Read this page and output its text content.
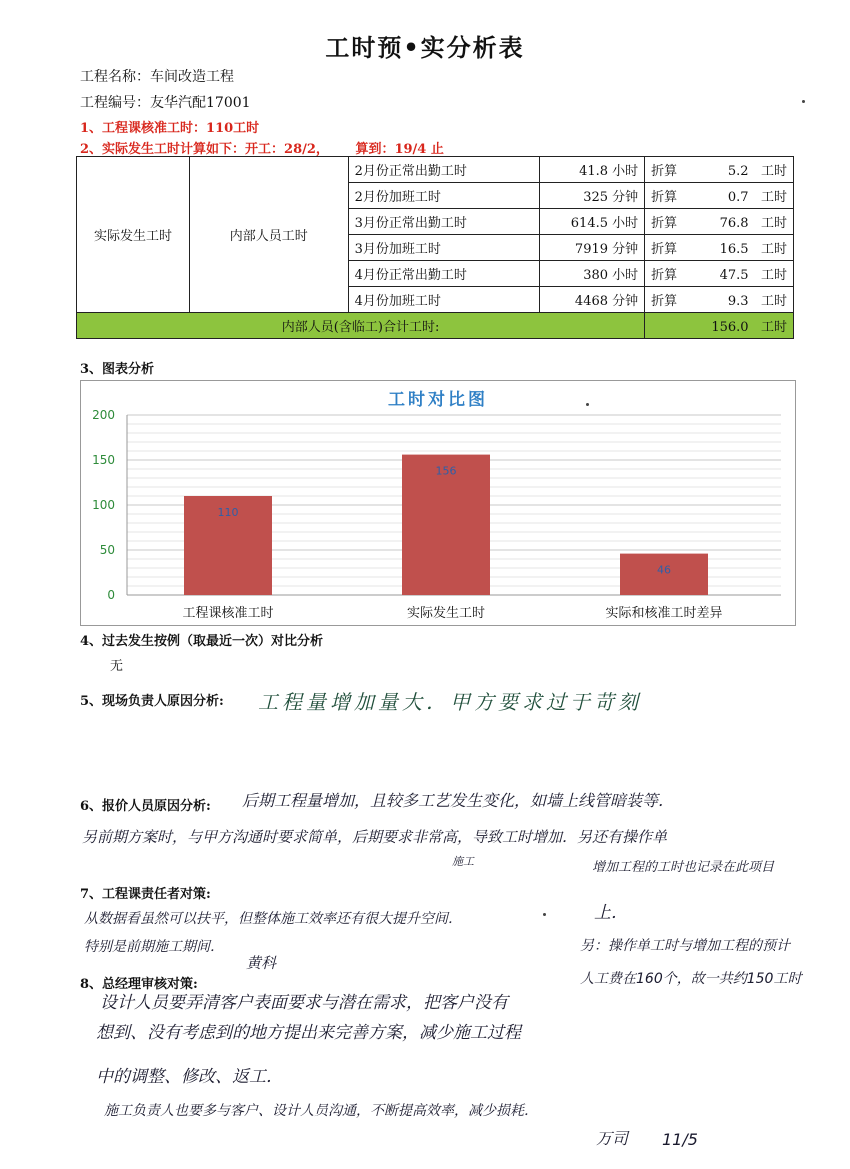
工时预•实分析表
工程名称：车间改造工程
工程编号：友华汽配17001
1、工程课核准工时：110工时
2、实际发生工时计算如下：开工：28/2， 算到：19/4 止
实际发生工时	内部人员工时	2月份正常出勤工时	41.8 小时	折算 5.2 工时

		2月份加班工时	325 分钟	折算 0.7 工时

		3月份正常出勤工时	614.5 小时	折算 76.8 工时

		3月份加班工时	7919 分钟	折算 16.5 工时

		4月份正常出勤工时	380 小时	折算 47.5 工时

		4月份加班工时	4468 分钟	折算 9.3 工时

内部人员(含临工)合计工时:				156.0 工时
3、图表分析
工时对比图
0
50
100
150
200
110
工程课核准工时
156
实际发生工时
46
实际和核准工时差异
4、过去发生按例（取最近一次）对比分析
无
5、现场负责人原因分析: 工程量增加量大．甲方要求过于苛刻
6、报价人员原因分析: 后期工程量增加，且较多工艺发生变化，如墙上线管暗装等．
另前期方案时，与甲方沟通时要求简单，后期要求非常高，导致工时增加．另还有操作单
施工	增加工程的工时也记录在此项目
上．
另：操作单工时与增加工程的预计
人工费在160个，故一共约150工时
7、工程课责任者对策:
从数据看虽然可以扶平，但整体施工效率还有很大提升空间．
特别是前期施工期间．
黄科
8、总经理审核对策:
设计人员要弄清客户表面要求与潜在需求，把客户没有
想到、没有考虑到的地方提出来完善方案，减少施工过程
中的调整、修改、返工．
施工负责人也要多与客户、设计人员沟通，不断提高效率，减少损耗．
万司 11/5
